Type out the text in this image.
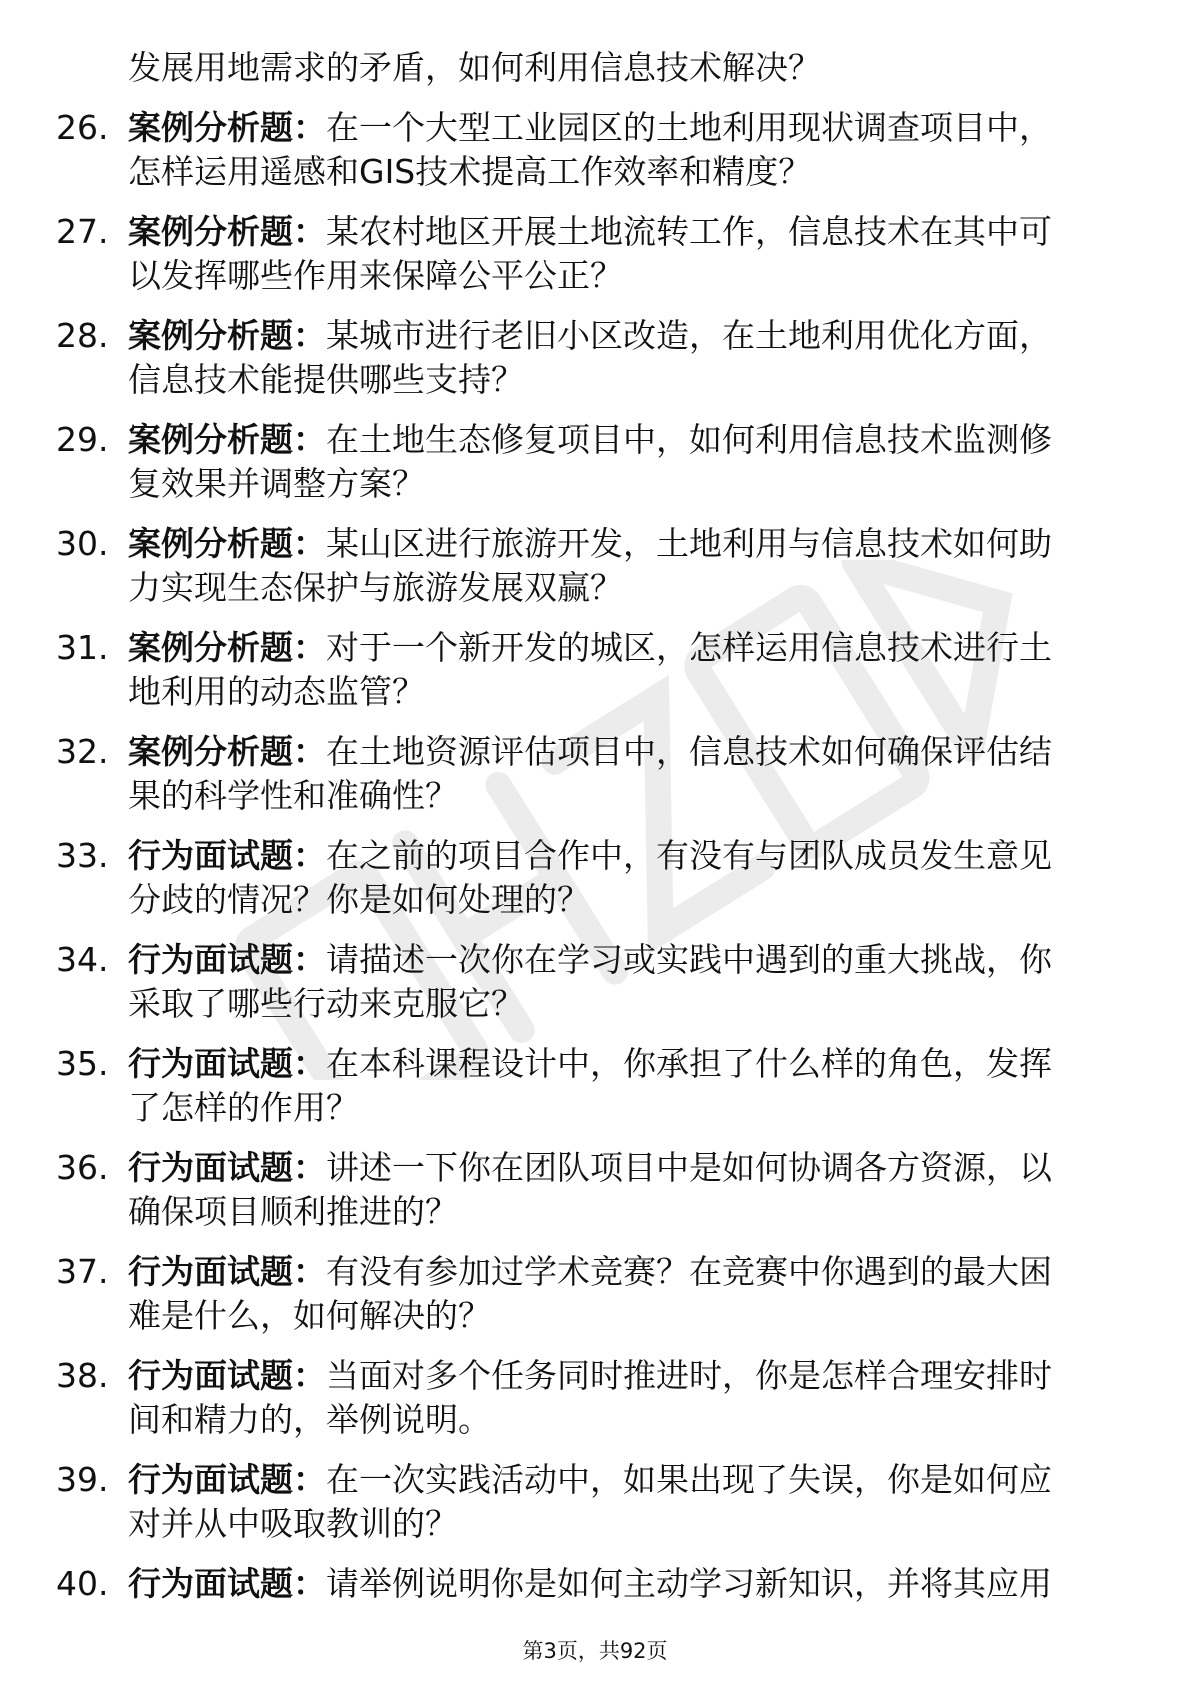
发展用地需求的矛盾，如何利用信息技术解决？
26. 案例分析题：在一个大型工业园区的土地利用现状调查项目中，
怎样运用遥感和GIS技术提高工作效率和精度？
27. 案例分析题：某农村地区开展土地流转工作，信息技术在其中可
以发挥哪些作用来保障公平公正？
28. 案例分析题：某城市进行老旧小区改造，在土地利用优化方面，
信息技术能提供哪些支持？
29. 案例分析题：在土地生态修复项目中，如何利用信息技术监测修
复效果并调整方案？
30. 案例分析题：某山区进行旅游开发，土地利用与信息技术如何助
力实现生态保护与旅游发展双赢？
31. 案例分析题：对于一个新开发的城区，怎样运用信息技术进行土
地利用的动态监管？
32. 案例分析题：在土地资源评估项目中，信息技术如何确保评估结
果的科学性和准确性？
33. 行为面试题：在之前的项目合作中，有没有与团队成员发生意见
分歧的情况？你是如何处理的？
34. 行为面试题：请描述一次你在学习或实践中遇到的重大挑战，你
采取了哪些行动来克服它？
35. 行为面试题：在本科课程设计中，你承担了什么样的角色，发挥
了怎样的作用？
36. 行为面试题：讲述一下你在团队项目中是如何协调各方资源，以
确保项目顺利推进的？
37. 行为面试题：有没有参加过学术竞赛？在竞赛中你遇到的最大困
难是什么，如何解决的？
38. 行为面试题：当面对多个任务同时推进时，你是怎样合理安排时
间和精力的，举例说明。
39. 行为面试题：在一次实践活动中，如果出现了失误，你是如何应
对并从中吸取教训的？
40. 行为面试题：请举例说明你是如何主动学习新知识，并将其应用
第3页，共92页
